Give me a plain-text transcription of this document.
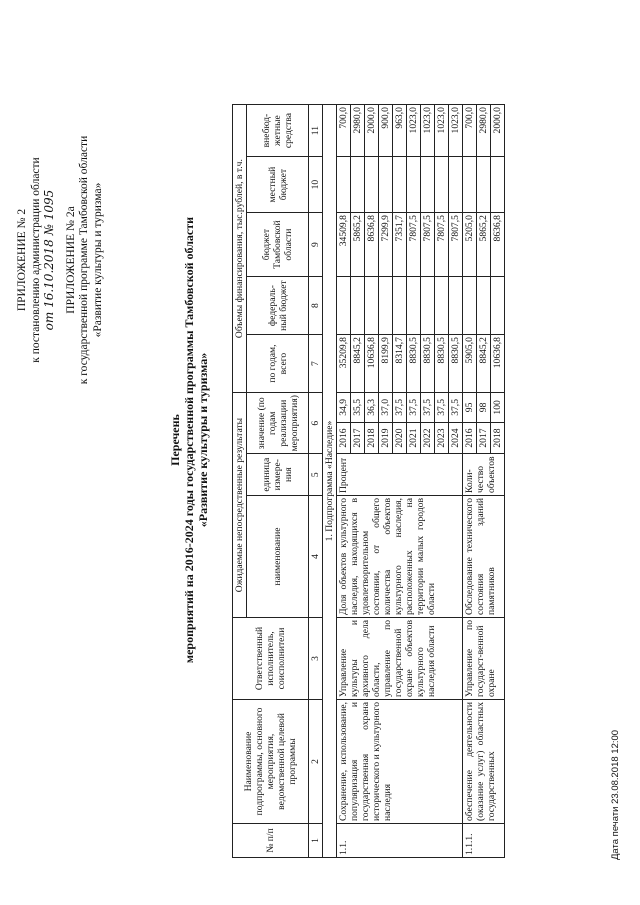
ПРИЛОЖЕНИЕ № 2 к постановлению администрации области от 16.10.2018 № 1095 ПРИЛОЖЕНИЕ № 2а к государственной программе Тамбовской области «Развитие культуры и туризма»
Перечень мероприятий на 2016-2024 годы государственной программы Тамбовской области «Развитие культуры и туризма»
№ п/п	Наименование подпрограммы, основного мероприятия, ведомственной целевой программы	Ответственный исполнитель, соисполнители	Ожидаемые непосредственные результаты				Объемы финансирования, тыс.рублей, в т.ч.				
			наименование	единица измере-ния	значение (по годам реализации мероприятия)		по годам, всего	федераль-ный бюджет	бюджет Тамбовской области	местный бюджет	внебюд-жетные средства
1	2	3	4	5	6		7	8	9	10	11
1. Подпрограмма «Наследие»											
1.1.	Сохранение, использование, популяризация и государственная охрана исторического и культурного наследия	Управление культуры и архивного дела области, управление по государственной охране объектов культурного наследия области	Доля объектов культурного наследия, находящихся в удовлетворительном состоянии, от общего количества объектов культурного наследия, расположенных на территории малых городов области	Процент	2016	34,9	35209,8		34509,8		700,0
					2017	35,5	8845,2		5865,2		2980,0
					2018	36,3	10636,8		8636,8		2000,0
					2019	37,0	8199,9		7299,9		900,0
					2020	37,5	8314,7		7351,7		963,0
					2021	37,5	8830,5		7807,5		1023,0
					2022	37,5	8830,5		7807,5		1023,0
					2023	37,5	8830,5		7807,5		1023,0
					2024	37,5	8830,5		7807,5		1023,0
1.1.1.	обеспечение деятельности (оказание услуг) областных государственных	Управление по государст-венной охране	Обследование технического состояния зданий памятников	Коли-чество объектов	2016	95	5905,0		5205,0		700,0
					2017	98	8845,2		5865,2		2980,0
					2018	100	10636,8		8636,8		2000,0
Дата печати 23.08.2018 12:00
